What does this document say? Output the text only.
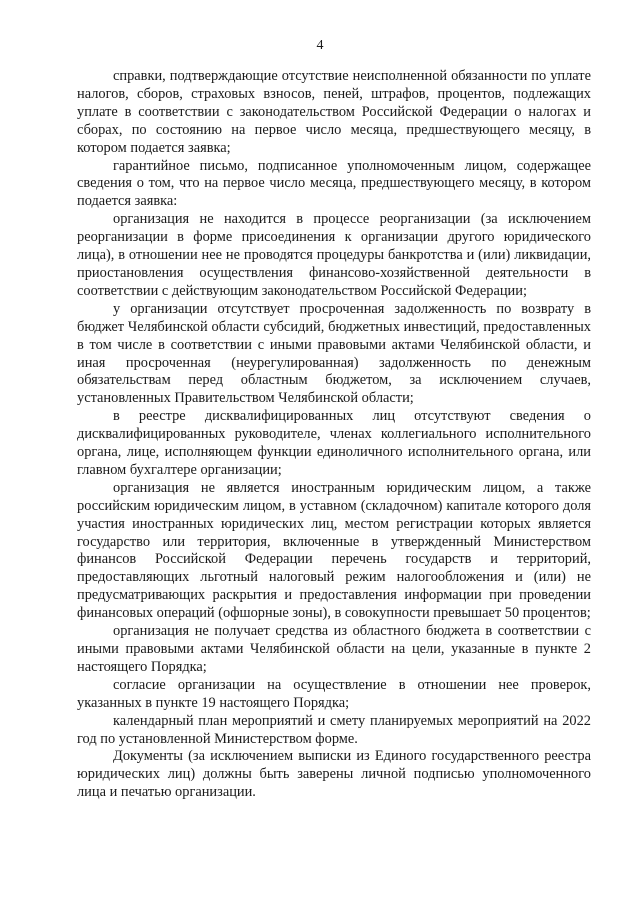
4

справки, подтверждающие отсутствие неисполненной обязанности по уплате налогов, сборов, страховых взносов, пеней, штрафов, процентов, подлежащих уплате в соответствии с законодательством Российской Федерации о налогах и сборах, по состоянию на первое число месяца, предшествующего месяцу, в котором подается заявка;

гарантийное письмо, подписанное уполномоченным лицом, содержащее сведения о том, что на первое число месяца, предшествующего месяцу, в котором подается заявка:

организация не находится в процессе реорганизации (за исключением реорганизации в форме присоединения к организации другого юридического лица), в отношении нее не проводятся процедуры банкротства и (или) ликвидации, приостановления осуществления финансово-хозяйственной деятельности в соответствии с действующим законодательством Российской Федерации;

у организации отсутствует просроченная задолженность по возврату в бюджет Челябинской области субсидий, бюджетных инвестиций, предоставленных в том числе в соответствии с иными правовыми актами Челябинской области, и иная просроченная (неурегулированная) задолженность по денежным обязательствам перед областным бюджетом, за исключением случаев, установленных Правительством Челябинской области;

в реестре дисквалифицированных лиц отсутствуют сведения о дисквалифицированных руководителе, членах коллегиального исполнительного органа, лице, исполняющем функции единоличного исполнительного органа, или главном бухгалтере организации;

организация не является иностранным юридическим лицом, а также российским юридическим лицом, в уставном (складочном) капитале которого доля участия иностранных юридических лиц, местом регистрации которых является государство или территория, включенные в утвержденный Министерством финансов Российской Федерации перечень государств и территорий, предоставляющих льготный налоговый режим налогообложения и (или) не предусматривающих раскрытия и предоставления информации при проведении финансовых операций (офшорные зоны), в совокупности превышает 50 процентов;

организация не получает средства из областного бюджета в соответствии с иными правовыми актами Челябинской области на цели, указанные в пункте 2 настоящего Порядка;

согласие организации на осуществление в отношении нее проверок, указанных в пункте 19 настоящего Порядка;

календарный план мероприятий и смету планируемых мероприятий на 2022 год по установленной Министерством форме.

Документы (за исключением выписки из Единого государственного реестра юридических лиц) должны быть заверены личной подписью уполномоченного лица и печатью организации.
